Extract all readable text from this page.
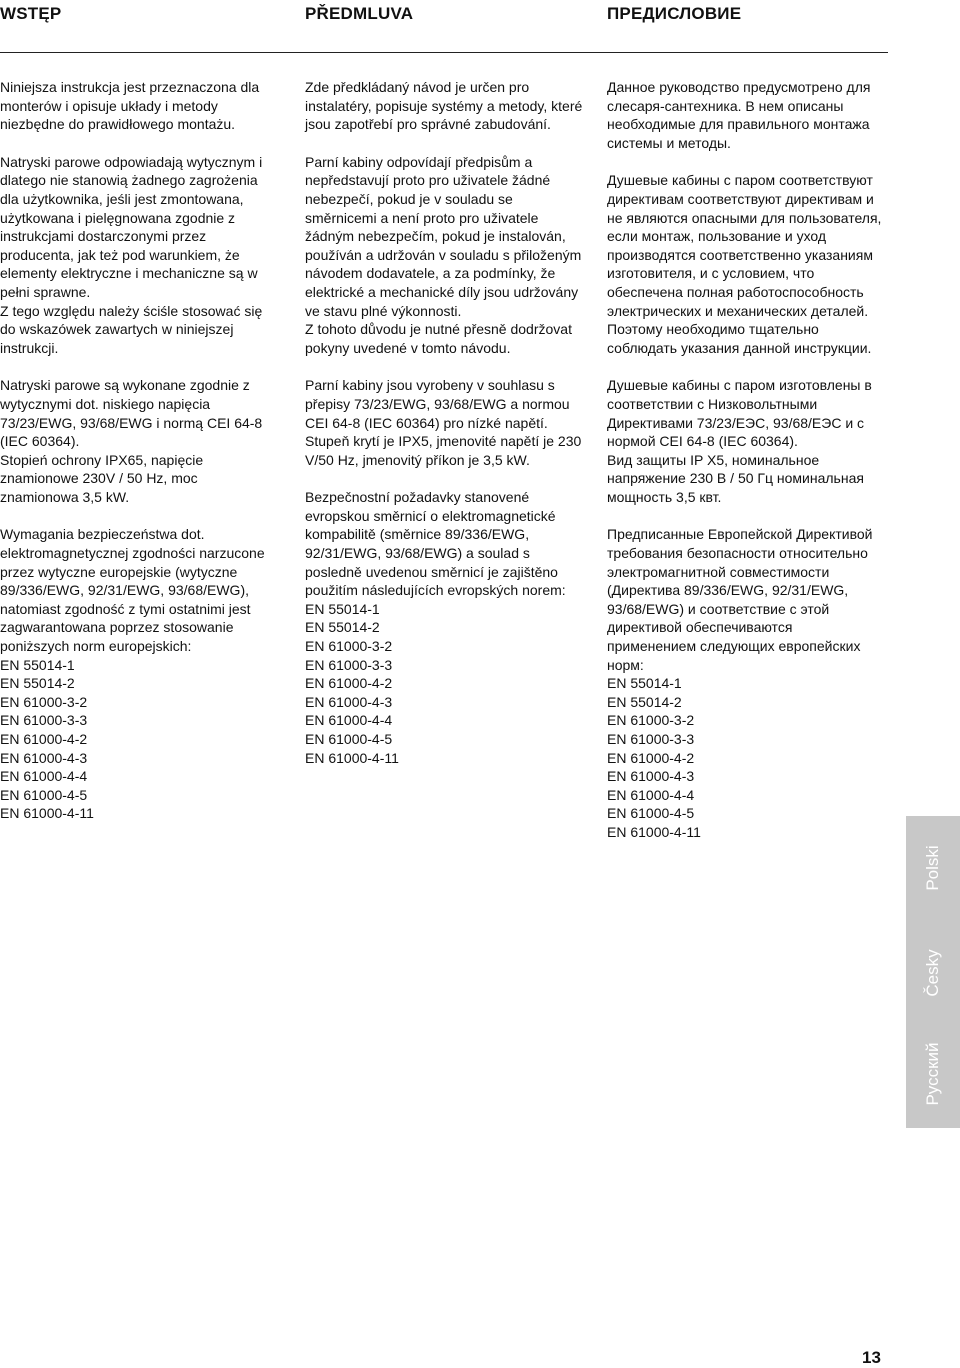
WSTĘP	PŘEDMLUVA	ПРЕДИСЛОВИЕ

Niniejsza instrukcja jest przeznaczona dla monterów i opisuje układy i metody niezbędne do prawidłowego montażu.

Natryski parowe odpowiadają wytycznym i dlatego nie stanowią żadnego zagrożenia dla użytkownika, jeśli jest zmontowana, użytkowana i pielęgnowana zgodnie z instrukcjami dostarczonymi przez producenta, jak też pod warunkiem, że elementy elektryczne i mechaniczne są w pełni sprawne.

Z tego względu należy ściśle stosować się do wskazówek zawartych w niniejszej instrukcji.

Natryski parowe są wykonane zgodnie z wytycznymi dot. niskiego napięcia 73/23/EWG, 93/68/EWG i normą CEI 64-8 (IEC 60364).

Stopień ochrony IPX65, napięcie znamionowe 230V / 50 Hz, moc znamionowa 3,5 kW.

Wymagania bezpieczeństwa dot. elektromagnetycznej zgodności narzucone przez wytyczne europejskie (wytyczne 89/336/EWG, 92/31/EWG, 93/68/EWG), natomiast zgodność z tymi ostatnimi jest zagwarantowana poprzez stosowanie poniższych norm europejskich:

EN 55014-1
EN 55014-2
EN 61000-3-2
EN 61000-3-3
EN 61000-4-2
EN 61000-4-3
EN 61000-4-4
EN 61000-4-5
EN 61000-4-11

Zde předkládaný návod je určen pro instalatéry, popisuje systémy a metody, které jsou zapotřebí pro správné zabudování.

Parní kabiny odpovídají předpisům a nepředstavují proto pro uživatele žádné nebezpečí, pokud je v souladu se směrnicemi a není proto pro uživatele žádným nebezpečím, pokud je instalován, používán a udržován v souladu s přiloženým návodem dodavatele, a za podmínky, že elektrické a mechanické díly jsou udržovány ve stavu plné výkonnosti.

Z tohoto důvodu je nutné přesně dodržovat pokyny uvedené v tomto návodu.

Parní kabiny jsou vyrobeny v souhlasu s přepisy 73/23/EWG, 93/68/EWG a normou CEI 64-8 (IEC 60364) pro nízké napětí.

Stupeň krytí je IPX5, jmenovité napětí je 230 V/50 Hz, jmenovitý příkon je 3,5 kW.

Bezpečnostní požadavky stanovené evropskou směrnicí o elektromagnetické kompabilitě (směrnice 89/336/EWG, 92/31/EWG, 93/68/EWG) a soulad s posledně uvedenou směrnicí je zajištěno použitím následujících evropských norem:

EN 55014-1
EN 55014-2
EN 61000-3-2
EN 61000-3-3
EN 61000-4-2
EN 61000-4-3
EN 61000-4-4
EN 61000-4-5
EN 61000-4-11

Данное руководство предусмотрено для слесаря-сантехника. В нем описаны необходимые для правильного монтажа системы и методы.

Душевые кабины с паром соответствуют директивам соответствуют директивам и не являются опасными для пользователя, если монтаж, пользование и уход производятся соответственно указаниям изготовителя, и с условием, что обеспечена полная работоспособность электрических и механических деталей.

Поэтому необходимо тщательно соблюдать указания данной инструкции.

Душевые кабины с паром изготовлены в соответствии с Низковольтными Директивами 73/23/ЕЭС, 93/68/ЕЭС и с нормой CEI 64-8 (IEC 60364).

Вид защиты IP X5, номинальное напряжение 230 В / 50 Гц номинальная мощность 3,5 квт.

Предписанные Европейской Директивой требования безопасности относительно электромагнитной совместимости (Директива 89/336/EWG, 92/31/EWG, 93/68/EWG) и соответствие с этой директивой обеспечиваются применением следующих европейских норм:

EN 55014-1
EN 55014-2
EN 61000-3-2
EN 61000-3-3
EN 61000-4-2
EN 61000-4-3
EN 61000-4-4
EN 61000-4-5
EN 61000-4-11
Polski
Česky
Русский
13
